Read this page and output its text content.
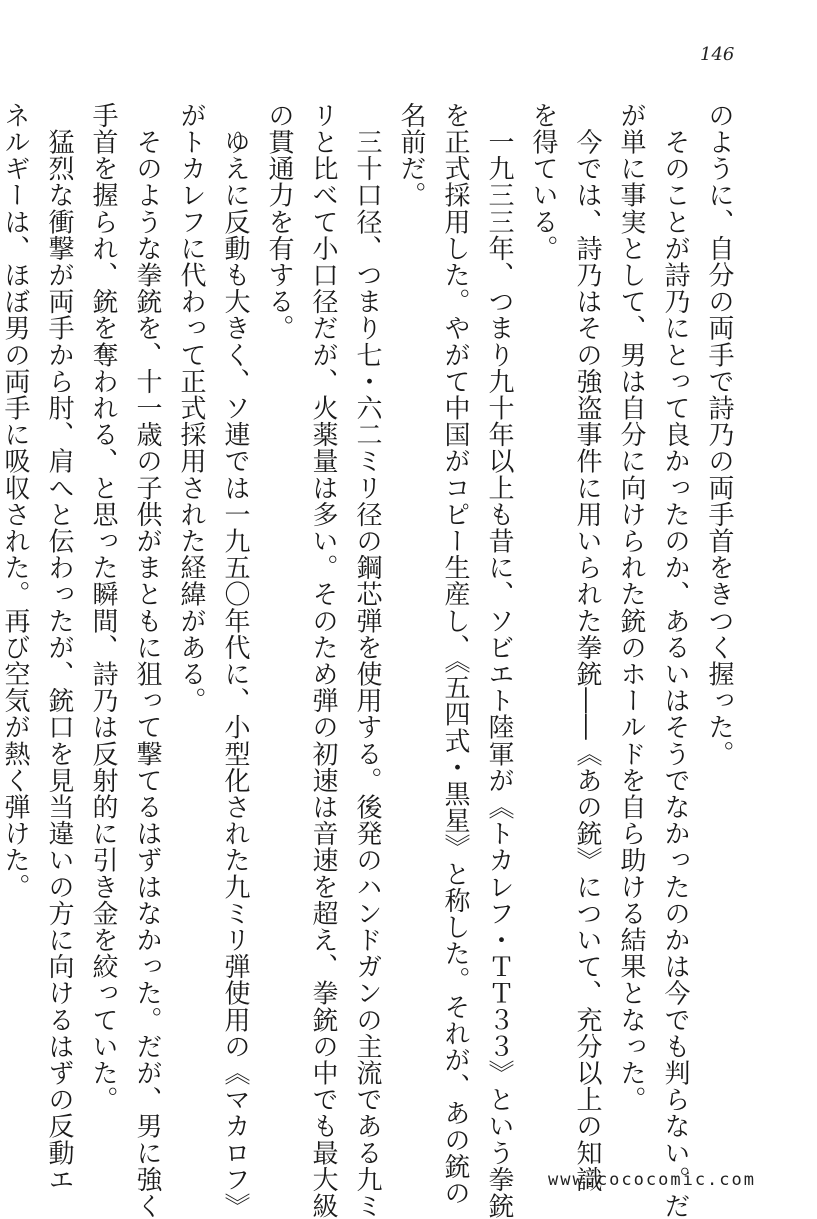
146
のように、自分の両手で詩乃の両手首をきつく握った。
　そのことが詩乃にとって良かったのか、あるいはそうでなかったのかは今でも判らない。だ
が単に事実として、男は自分に向けられた銃のホールドを自ら助ける結果となった。
　今では、詩乃はその強盗事件に用いられた拳銃――《あの銃》について、充分以上の知識
を得ている。
　一九三三年、つまり九十年以上も昔に、ソビエト陸軍が《トカレフ・ＴＴ３３》という拳銃
を正式採用した。やがて中国がコピー生産し、《五四式・黒星》と称した。それが、あの銃の
名前だ。
　三十口径、つまり七・六二ミリ径の鋼芯弾を使用する。後発のハンドガンの主流である九ミ
リと比べて小口径だが、火薬量は多い。そのため弾の初速は音速を超え、拳銃の中でも最大級
の貫通力を有する。
　ゆえに反動も大きく、ソ連では一九五〇年代に、小型化された九ミリ弾使用の《マカロフ》
がトカレフに代わって正式採用された経緯がある。
　そのような拳銃を、十一歳の子供がまともに狙って撃てるはずはなかった。だが、男に強く
手首を握られ、銃を奪われる、と思った瞬間、詩乃は反射的に引き金を絞っていた。
　猛烈な衝撃が両手から肘、肩へと伝わったが、銃口を見当違いの方に向けるはずの反動エ
ネルギーは、ほぼ男の両手に吸収された。再び空気が熱く弾けた。
www.cococomic.com
